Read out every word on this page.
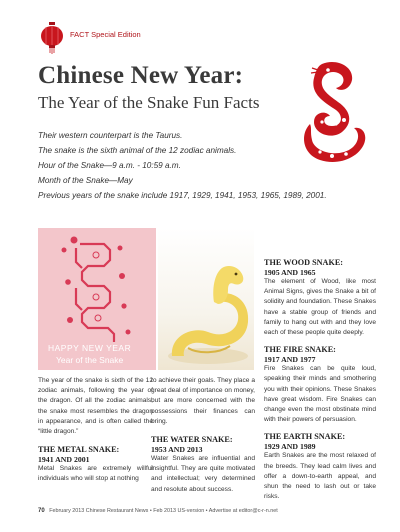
FACT Special Edition
Chinese New Year:
The Year of the Snake Fun Facts

Their western counterpart is the Taurus.

The snake is the sixth animal of the 12 zodiac animals.

Hour of the Snake—9 a.m. - 10:59 a.m.

Month of the Snake—May

Previous years of the snake include 1917, 1929, 1941, 1953, 1965, 1989, 2001.

HAPPY NEW YEAR
Year of the Snake

The year of the snake is sixth of the 12 zodiac animals, following the year of the dragon. Of all the zodiac animals, the snake most resembles the dragon in appearance, and is often called the “little dragon.”

THE METAL SNAKE:
1941 AND 2001

Metal Snakes are extremely willful individuals who will stop at nothing

to achieve their goals. They place a great deal of importance on money, but are more concerned with the possessions their finances can bring.

THE WATER SNAKE:
1953 AND 2013

Water Snakes are influential and insightful. They are quite motivated and intellectual; very determined and resolute about success.

THE WOOD SNAKE:
1905 AND 1965

The element of Wood, like most Animal Signs, gives the Snake a bit of solidity and foundation. These Snakes have a stable group of friends and family to hang out with and they love each of these people quite deeply.

THE FIRE SNAKE:
1917 AND 1977

Fire Snakes can be quite loud, speaking their minds and smothering you with their opinions. These Snakes have great wisdom. Fire Snakes can change even the most obstinate mind with their powers of persuasion.

THE EARTH SNAKE:
1929 AND 1989

Earth Snakes are the most relaxed of the breeds. They lead calm lives and offer a down-to-earth appeal, and shun the need to lash out or take risks.

70 February 2013 Chinese Restaurant News • Feb 2013 US-version • Advertise at editor@c-r-n.net
